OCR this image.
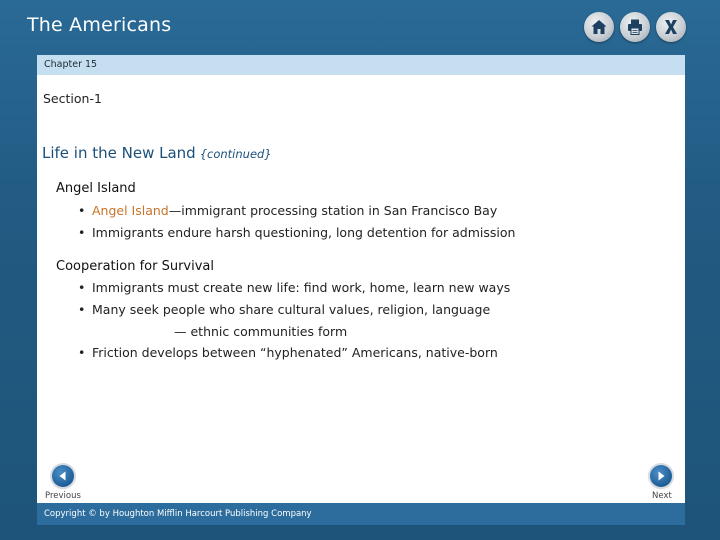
The Americans
Chapter 15
Section-1
Life in the New Land {continued}
Angel Island
• Angel Island—immigrant processing station in San Francisco Bay
• Immigrants endure harsh questioning, long detention for admission
Cooperation for Survival
• Immigrants must create new life: find work, home, learn new ways
• Many seek people who share cultural values, religion, language
— ethnic communities form
• Friction develops between “hyphenated” Americans, native-born
Previous	Next
Copyright © by Houghton Mifflin Harcourt Publishing Company
